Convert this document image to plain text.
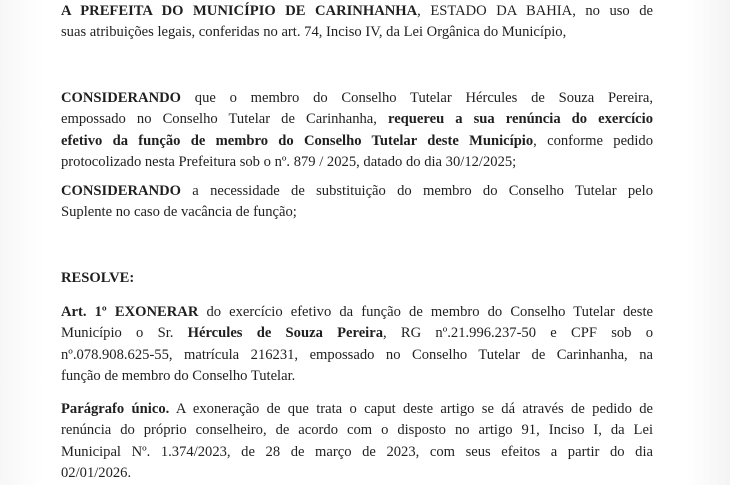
A PREFEITA DO MUNICÍPIO DE CARINHANHA, ESTADO DA BAHIA, no uso de
suas atribuições legais, conferidas no art. 74, Inciso IV, da Lei Orgânica do Município,
CONSIDERANDO que o membro do Conselho Tutelar Hércules de Souza Pereira,
empossado no Conselho Tutelar de Carinhanha, requereu a sua renúncia do exercício
efetivo da função de membro do Conselho Tutelar deste Município, conforme pedido
protocolizado nesta Prefeitura sob o nº. 879 / 2025, datado do dia 30/12/2025;
CONSIDERANDO a necessidade de substituição do membro do Conselho Tutelar pelo
Suplente no caso de vacância de função;
RESOLVE:
Art. 1º EXONERAR do exercício efetivo da função de membro do Conselho Tutelar deste
Município o Sr. Hércules de Souza Pereira, RG nº.21.996.237-50 e CPF sob o
nº.078.908.625-55, matrícula 216231, empossado no Conselho Tutelar de Carinhanha, na
função de membro do Conselho Tutelar.
Parágrafo único. A exoneração de que trata o caput deste artigo se dá através de pedido de
renúncia do próprio conselheiro, de acordo com o disposto no artigo 91, Inciso I, da Lei
Municipal Nº. 1.374/2023, de 28 de março de 2023, com seus efeitos a partir do dia
02/01/2026.
